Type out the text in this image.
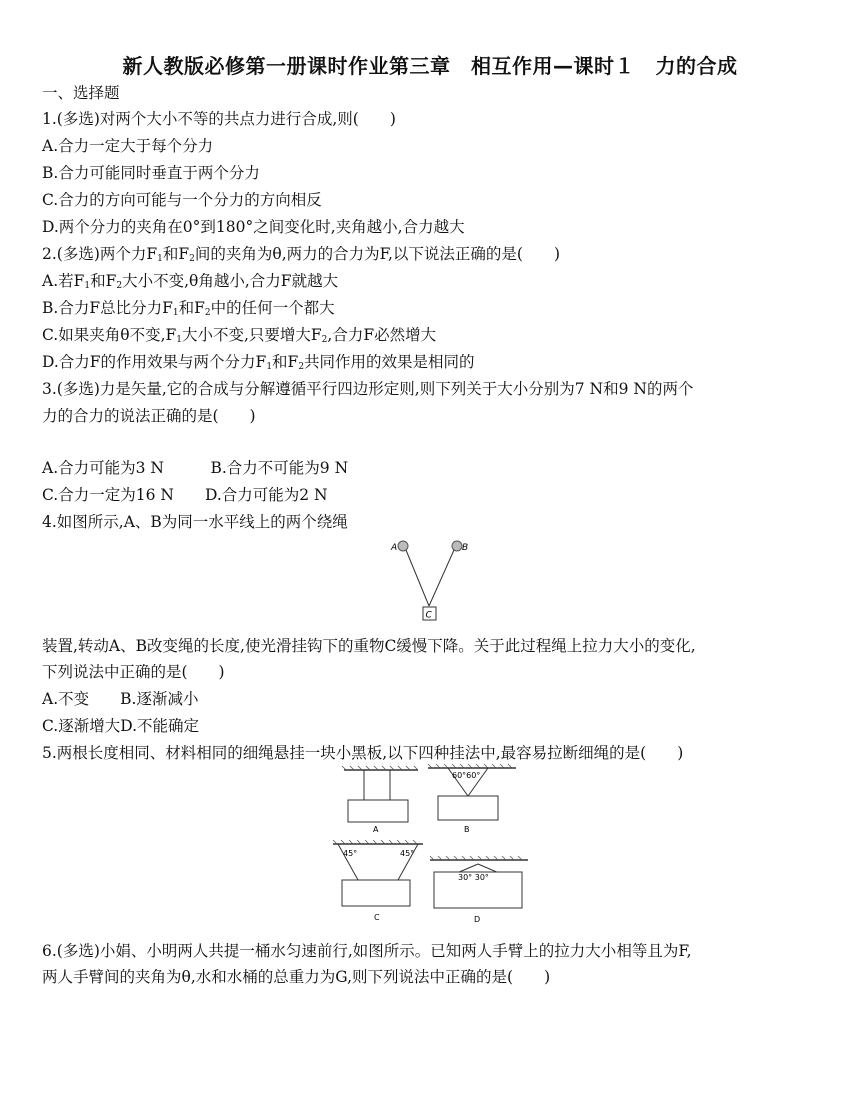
新人教版必修第一册课时作业第三章　相互作用—课时１　力的合成
一、选择题
1.(多选)对两个大小不等的共点力进行合成,则(　　)
A.合力一定大于每个分力
B.合力可能同时垂直于两个分力
C.合力的方向可能与一个分力的方向相反
D.两个分力的夹角在0°到180°之间变化时,夹角越小,合力越大
2.(多选)两个力$F_1$和$F_2$间的夹角为θ,两力的合力为F,以下说法正确的是(　　)
A.若$F_1$和$F_2$大小不变,θ角越小,合力F就越大
B.合力F总比分力$F_1$和$F_2$中的任何一个都大
C.如果夹角θ不变$,F_1$大小不变,只要增大$F_2$,合力F必然增大
D.合力F的作用效果与两个分力$F_1$和$F_2$共同作用的效果是相同的
3.(多选)力是矢量,它的合成与分解遵循平行四边形定则,则下列关于大小分别为7 N和9 N的两个
力的合力的说法正确的是(　　)
A.合力可能为3 N　　　B.合力不可能为9 N
C.合力一定为16 N　　D.合力可能为2 N
4.如图所示,A、B为同一水平线上的两个绕绳
A	B
C
装置,转动A、B改变绳的长度,使光滑挂钩下的重物C缓慢下降。关于此过程绳上拉力大小的变化,
下列说法中正确的是(　　)
A.不变　　B.逐渐减小
C.逐渐增大D.不能确定
5.两根长度相同、材料相同的细绳悬挂一块小黑板,以下四种挂法中,最容易拉断细绳的是(　　)
A
60°60°
B
45°	45°
C
30° 30°
D
6.(多选)小娟、小明两人共提一桶水匀速前行,如图所示。已知两人手臂上的拉力大小相等且为F,
两人手臂间的夹角为θ,水和水桶的总重力为G,则下列说法中正确的是(　　)
